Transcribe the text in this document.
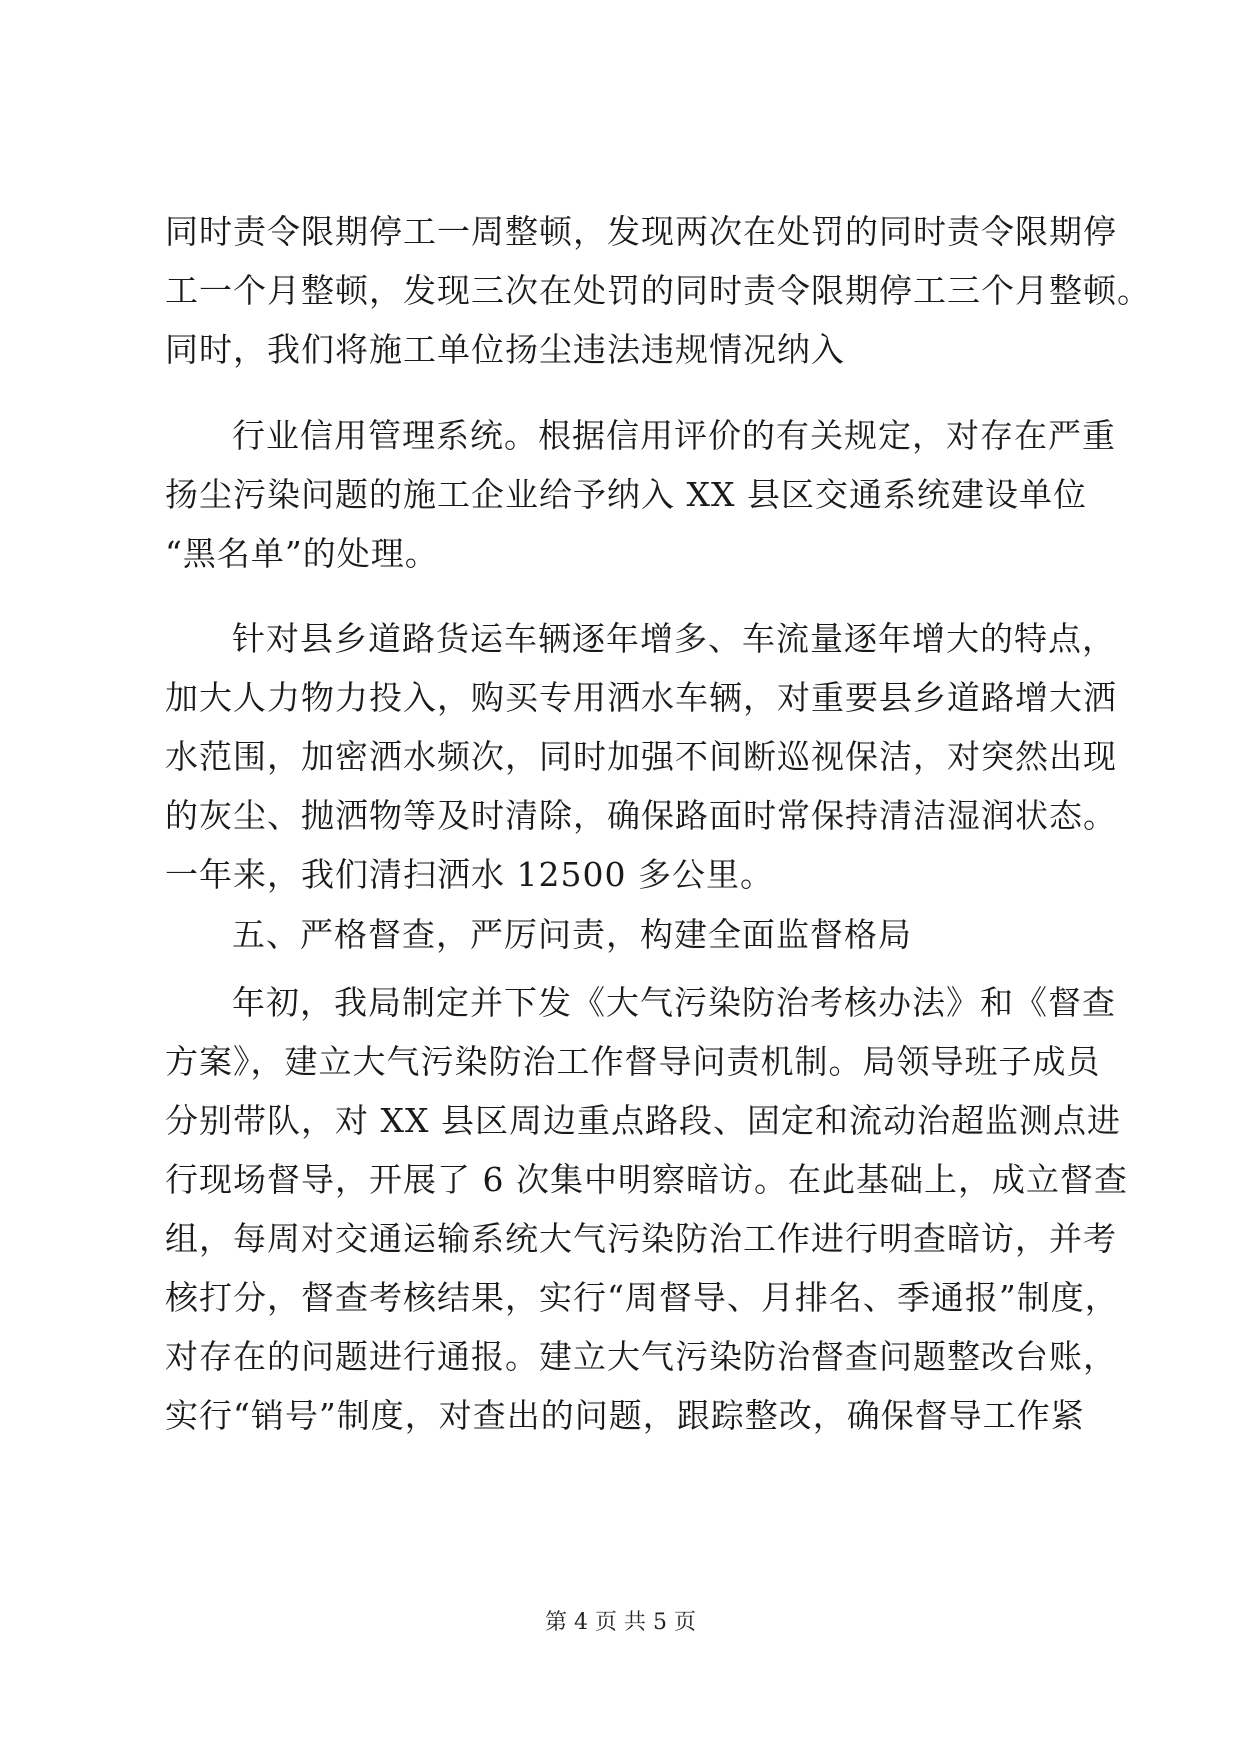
同时责令限期停工一周整顿，发现两次在处罚的同时责令限期停
工一个月整顿，发现三次在处罚的同时责令限期停工三个月整顿。
同时，我们将施工单位扬尘违法违规情况纳入
行业信用管理系统。根据信用评价的有关规定，对存在严重
扬尘污染问题的施工企业给予纳入 XX 县区交通系统建设单位
“黑名单”的处理。
针对县乡道路货运车辆逐年增多、车流量逐年增大的特点，
加大人力物力投入，购买专用洒水车辆，对重要县乡道路增大洒
水范围，加密洒水频次，同时加强不间断巡视保洁，对突然出现
的灰尘、抛洒物等及时清除，确保路面时常保持清洁湿润状态。
一年来，我们清扫洒水 12500 多公里。
五、严格督查，严厉问责，构建全面监督格局
年初，我局制定并下发《大气污染防治考核办法》和《督查
方案》，建立大气污染防治工作督导问责机制。局领导班子成员
分别带队，对 XX 县区周边重点路段、固定和流动治超监测点进
行现场督导，开展了 6 次集中明察暗访。在此基础上，成立督查
组，每周对交通运输系统大气污染防治工作进行明查暗访，并考
核打分，督查考核结果，实行“周督导、月排名、季通报”制度，
对存在的问题进行通报。建立大气污染防治督查问题整改台账，
实行“销号”制度，对查出的问题，跟踪整改，确保督导工作紧
第 4 页 共 5 页
